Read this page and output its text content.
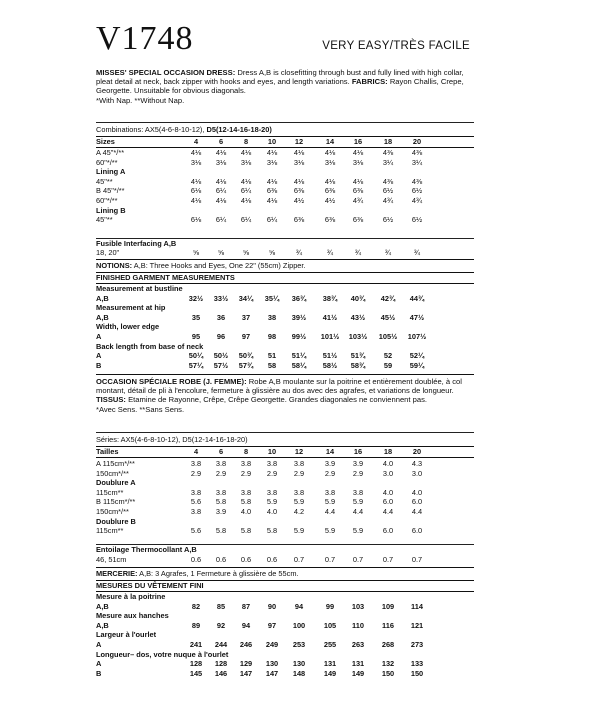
V1748	VERY EASY/TRÈS FACILE
MISSES' SPECIAL OCCASION DRESS: Dress A,B is closefitting through bust and fully lined with high collar, pleat detail at neck, back zipper with hooks and eyes, and length variations. FABRICS: Rayon Challis, Crepe, Georgette. Unsuitable for obvious diagonals.
*With Nap. **Without Nap.
Combinations: AX5(4-6-8-10-12), D5(12-14-16-18-20)
Sizes	4	6	8	10	12	14	16	18	20
A 45"*/**	4⅛	4⅛	4⅛	4⅛	4⅛	4⅛	4⅛	4⅜	4⅜
60"*/**	3⅛	3⅛	3⅛	3⅛	3⅛	3⅛	3⅛	3¼	3¼
Lining A
45"**	4⅛	4⅛	4⅛	4⅛	4⅛	4⅛	4⅛	4⅜	4⅜
B 45"*/**	6⅛	6¼	6¼	6⅜	6⅜	6⅜	6⅜	6½	6½
60"*/**	4⅛	4⅛	4⅛	4⅛	4½	4½	4¾	4¾	4¾
Lining B
45"**	6⅛	6¼	6¼	6¼	6⅜	6⅜	6⅜	6½	6½
Fusible Interfacing A,B
18, 20"	⅝	⅝	⅝	⅝	¾	¾	¾	¾	¾
NOTIONS: A,B: Three Hooks and Eyes, One 22" (55cm) Zipper.
FINISHED GARMENT MEASUREMENTS
Measurement at bustline
A,B	32½	33½	34¼	35¼	36¾	38¾	40¾	42¾	44¾
Measurement at hip
A,B	35	36	37	38	39½	41½	43½	45½	47½
Width, lower edge
A	95	96	97	98	99½	101½ 103½ 105½ 107½
Back length from base of neck
A	50¼	50½	50¾	51	51¼	51½	51¾	52	52¼
B	57¼	57½	57¾	58	58¼	58½	58¾	59	59¼
OCCASION SPÉCIALE ROBE (J. FEMME): Robe A,B moulante sur la poitrine et entièrement doublée, à col montant, détail de pli à l'encolure, fermeture à glissière au dos avec des agrafes, et variations de longueur. TISSUS: Etamine de Rayonne, Crêpe, Crêpe Georgette. Grandes diagonales ne conviennent pas.
*Avec Sens. **Sans Sens.
Séries: AX5(4-6-8-10-12), D5(12-14-16-18-20)
Tailles	4	6	8	10	12	14	16	18	20
A 115cm*/**	3.8	3.8	3.8	3.8	3.8	3.9	3.9	4.0	4.3
150cm*/**	2.9	2.9	2.9	2.9	2.9	2.9	2.9	3.0	3.0
Doublure A
115cm**	3.8	3.8	3.8	3.8	3.8	3.8	3.8	4.0	4.0
B 115cm*/**	5.6	5.8	5.8	5.9	5.9	5.9	5.9	6.0	6.0
150cm*/**	3.8	3.9	4.0	4.0	4.2	4.4	4.4	4.4	4.4
Doublure B
115cm**	5.6	5.8	5.8	5.8	5.9	5.9	5.9	6.0	6.0
Entoilage Thermocollant A,B
46, 51cm	0.6	0.6	0.6	0.6	0.7	0.7	0.7	0.7	0.7
MERCERIE: A,B: 3 Agrafes, 1 Fermeture à glissière de 55cm.
MESURES DU VÊTEMENT FINI
Mesure à la poitrine
A,B	82	85	87	90	94	99	103	109	114
Mesure aux hanches
A,B	89	92	94	97	100	105	110	116	121
Largeur à l'ourlet
A	241	244	246	249	253	255	263	268	273
Longueur– dos, votre nuque à l'ourlet
A	128	128	129	130	130	131	131	132	133
B	145	146	147	147	148	149	149	150	150
